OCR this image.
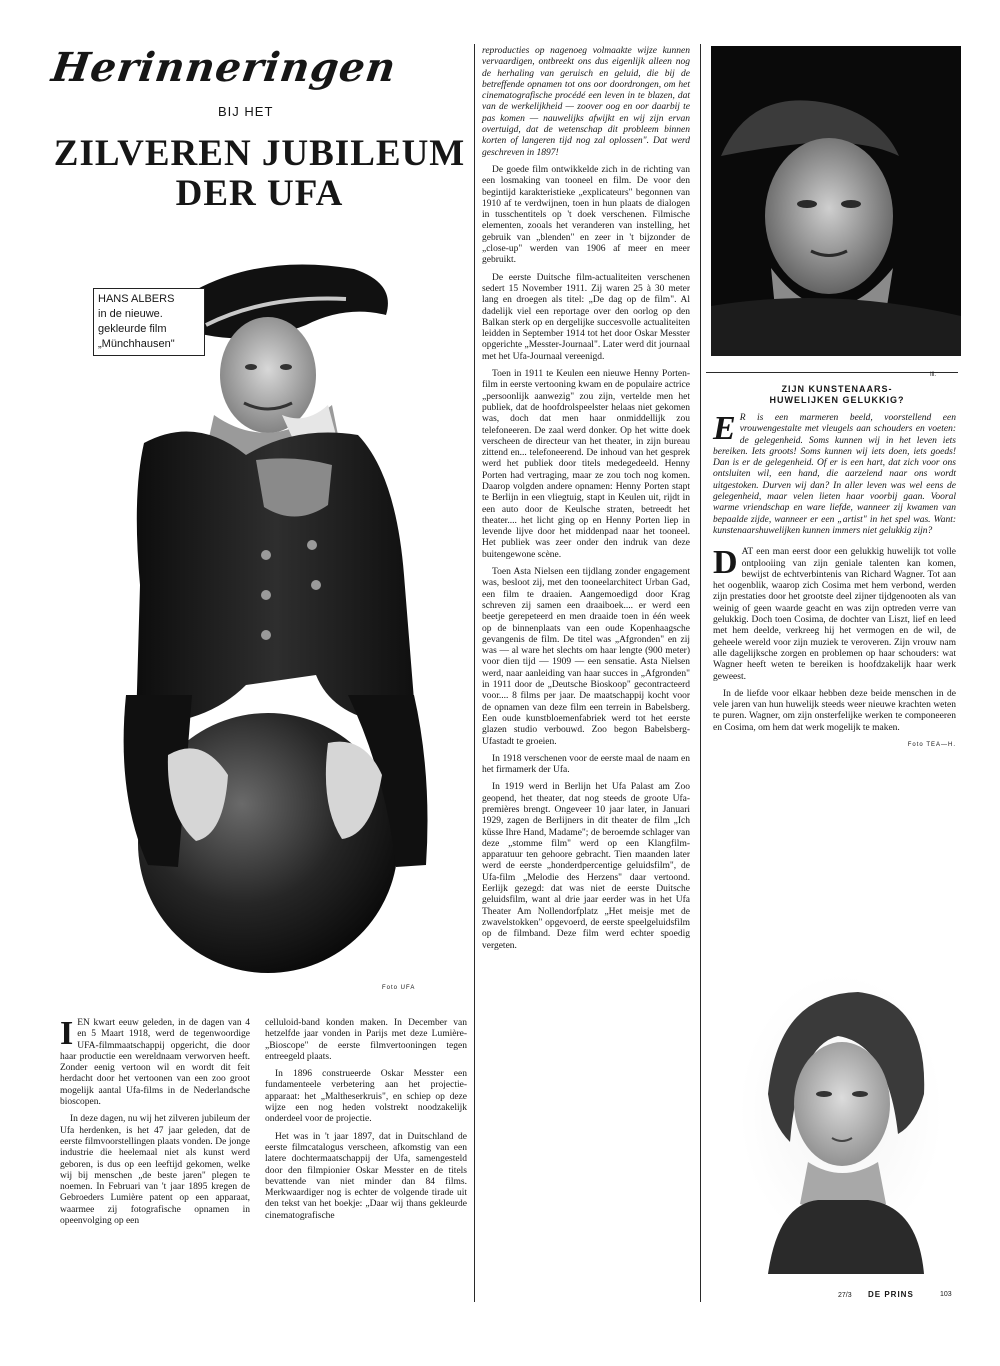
Herinneringen
BIJ HET
ZILVEREN JUBILEUM
DER UFA
HANS ALBERS
in de nieuwe.
gekleurde film
„Münchhausen"
Foto UFA

IEN kwart eeuw geleden, in de dagen van 4 en 5 Maart 1918, werd de tegenwoordige UFA-filmmaatschappij opgericht, die door haar productie een wereldnaam verworven heeft. Zonder eenig vertoon wil en wordt dit feit herdacht door het vertoonen van een zoo groot mogelijk aantal Ufa-films in de Nederlandsche bioscopen.

In deze dagen, nu wij het zilveren jubileum der Ufa herdenken, is het 47 jaar geleden, dat de eerste filmvoorstellingen plaats vonden. De jonge industrie die heelemaal niet als kunst werd geboren, is dus op een leeftijd gekomen, welke wij bij menschen „de beste jaren" plegen te noemen. In Februari van 't jaar 1895 kregen de Gebroeders Lumière patent op een apparaat, waarmee zij fotografische opnamen in opeenvolging op een

celluloid-band konden maken. In December van hetzelfde jaar vonden in Parijs met deze Lumière-„Bioscope" de eerste filmvertooningen tegen entreegeld plaats.

In 1896 construeerde Oskar Messter een fundamenteele verbetering aan het projectie-apparaat: het „Maltheserkruis", en schiep op deze wijze een nog heden volstrekt noodzakelijk onderdeel voor de projectie.

Het was in 't jaar 1897, dat in Duitschland de eerste filmcatalogus verscheen, afkomstig van een latere dochtermaatschappij der Ufa, samengesteld door den filmpionier Oskar Messter en de titels bevattende van niet minder dan 84 films. Merkwaardiger nog is echter de volgende tirade uit den tekst van het boekje: „Daar wij thans gekleurde cinematografische

reproducties op nagenoeg volmaakte wijze kunnen vervaardigen, ontbreekt ons dus eigenlijk alleen nog de herhaling van geruisch en geluid, die bij de betreffende opnamen tot ons oor doordrongen, om het cinematografische procédé een leven in te blazen, dat van de werkelijkheid — zoover oog en oor daarbij te pas komen — nauwelijks afwijkt en wij zijn ervan overtuigd, dat de wetenschap dit probleem binnen korten of langeren tijd nog zal oplossen". Dat werd geschreven in 1897!

De goede film ontwikkelde zich in de richting van een losmaking van tooneel en film. De voor den begintijd karakteristieke „explicateurs" begonnen van 1910 af te verdwijnen, toen in hun plaats de dialogen in tusschentitels op 't doek verschenen. Filmische elementen, zooals het veranderen van instelling, het gebruik van „blenden" en zeer in 't bijzonder de „close-up" werden van 1906 af meer en meer gebruikt.

De eerste Duitsche film-actualiteiten verschenen sedert 15 November 1911. Zij waren 25 à 30 meter lang en droegen als titel: „De dag op de film". Al dadelijk viel een reportage over den oorlog op den Balkan sterk op en dergelijke succesvolle actualiteiten leidden in September 1914 tot het door Oskar Messter opgerichte „Messter-Journaal". Later werd dit journaal met het Ufa-Journaal vereenigd.

Toen in 1911 te Keulen een nieuwe Henny Porten-film in eerste vertooning kwam en de populaire actrice „persoonlijk aanwezig" zou zijn, vertelde men het publiek, dat de hoofdrolspeelster helaas niet gekomen was, doch dat men haar onmiddellijk zou telefoneeren. De zaal werd donker. Op het witte doek verscheen de directeur van het theater, in zijn bureau zittend en... telefoneerend. De inhoud van het gesprek werd het publiek door titels medegedeeld. Henny Porten had vertraging, maar ze zou toch nog komen. Daarop volgden andere opnamen: Henny Porten stapt te Berlijn in een vliegtuig, stapt in Keulen uit, rijdt in een auto door de Keulsche straten, betreedt het theater.... het licht ging op en Henny Porten liep in levende lijve door het middenpad naar het tooneel. Het publiek was zeer onder den indruk van deze buitengewone scène.

Toen Asta Nielsen een tijdlang zonder engagement was, besloot zij, met den tooneelarchitect Urban Gad, een film te draaien. Aangemoedigd door Krag schreven zij samen een draaiboek.... er werd een beetje gerepeteerd en men draaide toen in één week op de binnenplaats van een oude Kopenhaagsche gevangenis de film. De titel was „Afgronden" en zij was — al ware het slechts om haar lengte (900 meter) voor dien tijd — 1909 — een sensatie. Asta Nielsen werd, naar aanleiding van haar succes in „Afgronden" in 1911 door de „Deutsche Bioskoop" gecontracteerd voor.... 8 films per jaar. De maatschappij kocht voor de opnamen van deze film een terrein in Babelsberg. Een oude kunstbloemenfabriek werd tot het eerste glazen studio verbouwd. Zoo begon Babelsberg-Ufastadt te groeien.

In 1918 verschenen voor de eerste maal de naam en het firmamerk der Ufa.

In 1919 werd in Berlijn het Ufa Palast am Zoo geopend, het theater, dat nog steeds de groote Ufa-premières brengt. Ongeveer 10 jaar later, in Januari 1929, zagen de Berlijners in dit theater de film „Ich küsse Ihre Hand, Madame"; de beroemde schlager van deze „stomme film" werd op een Klangfilm-apparatuur ten gehoore gebracht. Tien maanden later werd de eerste „honderdpercentige geluidsfilm", de Ufa-film „Melodie des Herzens" daar vertoond. Eerlijk gezegd: dat was niet de eerste Duitsche geluidsfilm, want al drie jaar eerder was in het Ufa Theater Am Nollendorfplatz „Het meisje met de zwavelstokken" opgevoerd, de eerste speelgeluidsfilm op de filmband. Deze film werd echter spoedig vergeten.

Ill.
ZIJN KUNSTENAARS-
HUWELIJKEN GELUKKIG?

E R is een marmeren beeld, voorstellend een vrouwengestalte met vleugels aan schouders en voeten: de gelegenheid. Soms kunnen wij in het leven iets bereiken. Iets groots! Soms kunnen wij iets doen, iets goeds! Dan is er de gelegenheid. Of er is een hart, dat zich voor ons ontsluiten wil, een hand, die aarzelend naar ons wordt uitgestoken. Durven wij dan? In aller leven was wel eens de gelegenheid, maar velen lieten haar voorbij gaan. Vooral warme vriendschap en ware liefde, wanneer zij kwamen van bepaalde zijde, wanneer er een „artist" in het spel was. Want: kunstenaarshuwelijken kunnen immers niet gelukkig zijn?

DAT een man eerst door een gelukkig huwelijk tot volle ontplooiing van zijn geniale talenten kan komen, bewijst de echtverbintenis van Richard Wagner. Tot aan het oogenblik, waarop zich Cosima met hem verbond, werden zijn prestaties door het grootste deel zijner tijdgenooten als van weinig of geen waarde geacht en was zijn optreden verre van gelukkig. Doch toen Cosima, de dochter van Liszt, lief en leed met hem deelde, verkreeg hij het vermogen en de wil, de geheele wereld voor zijn muziek te veroveren. Zijn vrouw nam alle dagelijksche zorgen en problemen op haar schouders: wat Wagner heeft weten te bereiken is hoofdzakelijk haar werk geweest.

In de liefde voor elkaar hebben deze beide menschen in de vele jaren van hun huwelijk steeds weer nieuwe krachten weten te puren. Wagner, om zijn onsterfelijke werken te componeeren en Cosima, om hem dat werk mogelijk te maken.

Foto TEA—H.
27/3 DE PRINS	103
